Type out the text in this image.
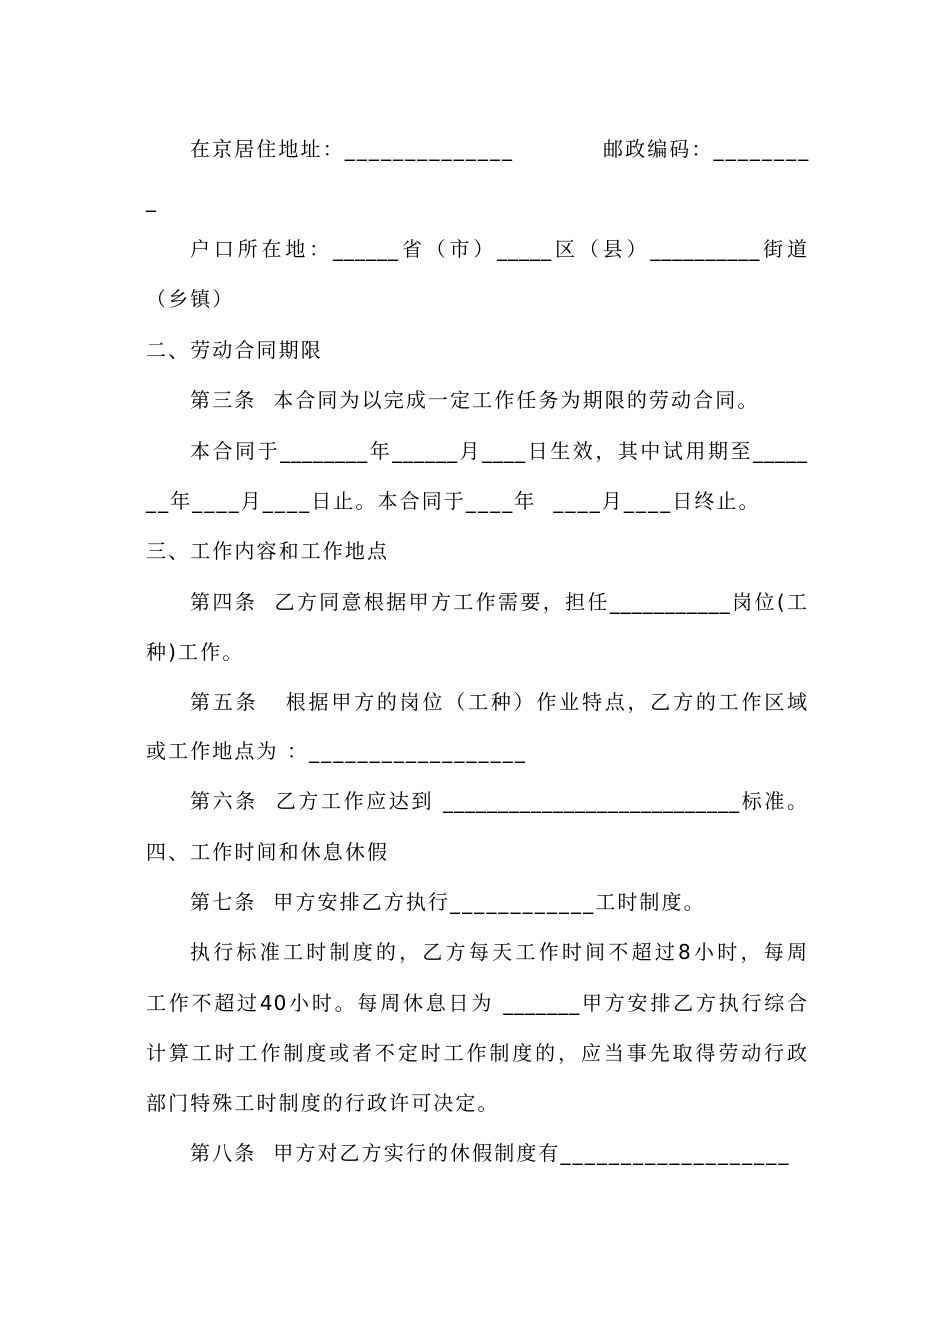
在京居住地址：______________	邮政编码：________
_
户口所在地：______省（市）_____区（县）__________街道
（乡镇）
二、劳动合同期限
第三条  本合同为以完成一定工作任务为期限的劳动合同。
本合同于________年______月____日生效，其中试用期至_____
__年____月____日止。本合同于____年  ____月____日终止。
三、工作内容和工作地点
第四条  乙方同意根据甲方工作需要，担任___________岗位(工
种)工作。
第五条   根据甲方的岗位（工种）作业特点，乙方的工作区域
或工作地点为 ：__________________
第六条  乙方工作应达到 ___________________________标准。
四、工作时间和休息休假
第七条  甲方安排乙方执行____________工时制度。
执行标准工时制度的，乙方每天工作时间不超过8小时，每周
工作不超过40小时。每周休息日为 _______甲方安排乙方执行综合
计算工时工作制度或者不定时工作制度的，应当事先取得劳动行政
部门特殊工时制度的行政许可决定。
第八条  甲方对乙方实行的休假制度有___________________
